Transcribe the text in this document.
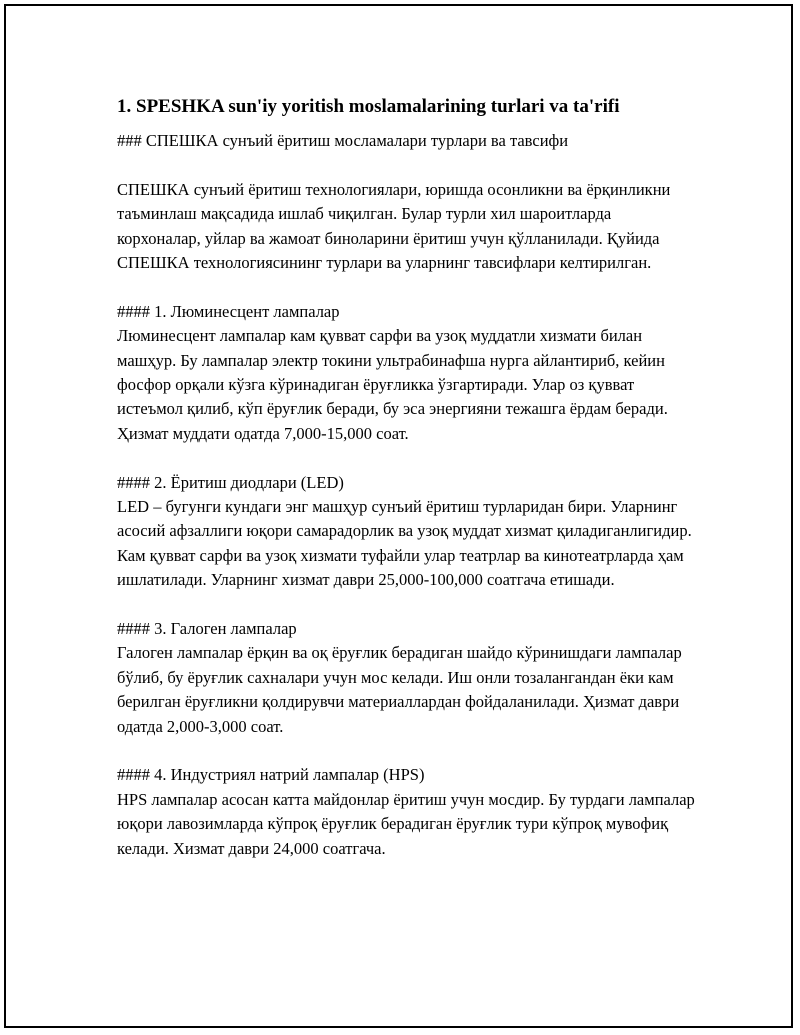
1. SPESHKA sun'iy yoritish moslamalarining turlari va ta'rifi

### СПЕШКА сунъий ёритиш мосламалари турлари ва тавсифи

СПЕШКА сунъий ёритиш технологиялари, юришда осонликни ва ёрқинликни таъминлаш мақсадида ишлаб чиқилган. Булар турли хил шароитларда корхоналар, уйлар ва жамоат биноларини ёритиш учун қўлланилади. Қуйида СПЕШКА технологиясининг турлари ва уларнинг тавсифлари келтирилган.

#### 1. Люминесцент лампалар

Люминесцент лампалар кам қувват сарфи ва узоқ муддатли хизмати билан машҳур. Бу лампалар электр токини ультрабинафша нурга айлантириб, кейин фосфор орқали кўзга кўринадиган ёруғликка ўзгартиради. Улар оз қувват истеъмол қилиб, кўп ёруғлик беради, бу эса энергияни тежашга ёрдам беради. Ҳизмат муддати одатда 7,000-15,000 соат.

#### 2. Ёритиш диодлари (LED)

LED – бугунги кундаги энг машҳур сунъий ёритиш турларидан бири. Уларнинг асосий афзаллиги юқори самарадорлик ва узоқ муддат хизмат қиладиганлигидир. Кам қувват сарфи ва узоқ хизмати туфайли улар театрлар ва кинотеатрларда ҳам ишлатилади. Уларнинг хизмат даври 25,000-100,000 соатгача етишади.

#### 3. Галоген лампалар

Галоген лампалар ёрқин ва оқ ёруғлик берадиган шайдо кўринишдаги лампалар бўлиб, бу ёруғлик сахналари учун мос келади. Иш онли тозалангандан ёки кам берилган ёруғликни қолдирувчи материаллардан фойдаланилади. Ҳизмат даври одатда 2,000-3,000 соат.

#### 4. Индустриял натрий лампалар (HPS)

HPS лампалар асосан катта майдонлар ёритиш учун мосдир. Бу турдаги лампалар юқори лавозимларда кўпроқ ёруғлик берадиган ёруғлик тури кўпроқ мувофиқ келади. Хизмат даври 24,000 соатгача.
